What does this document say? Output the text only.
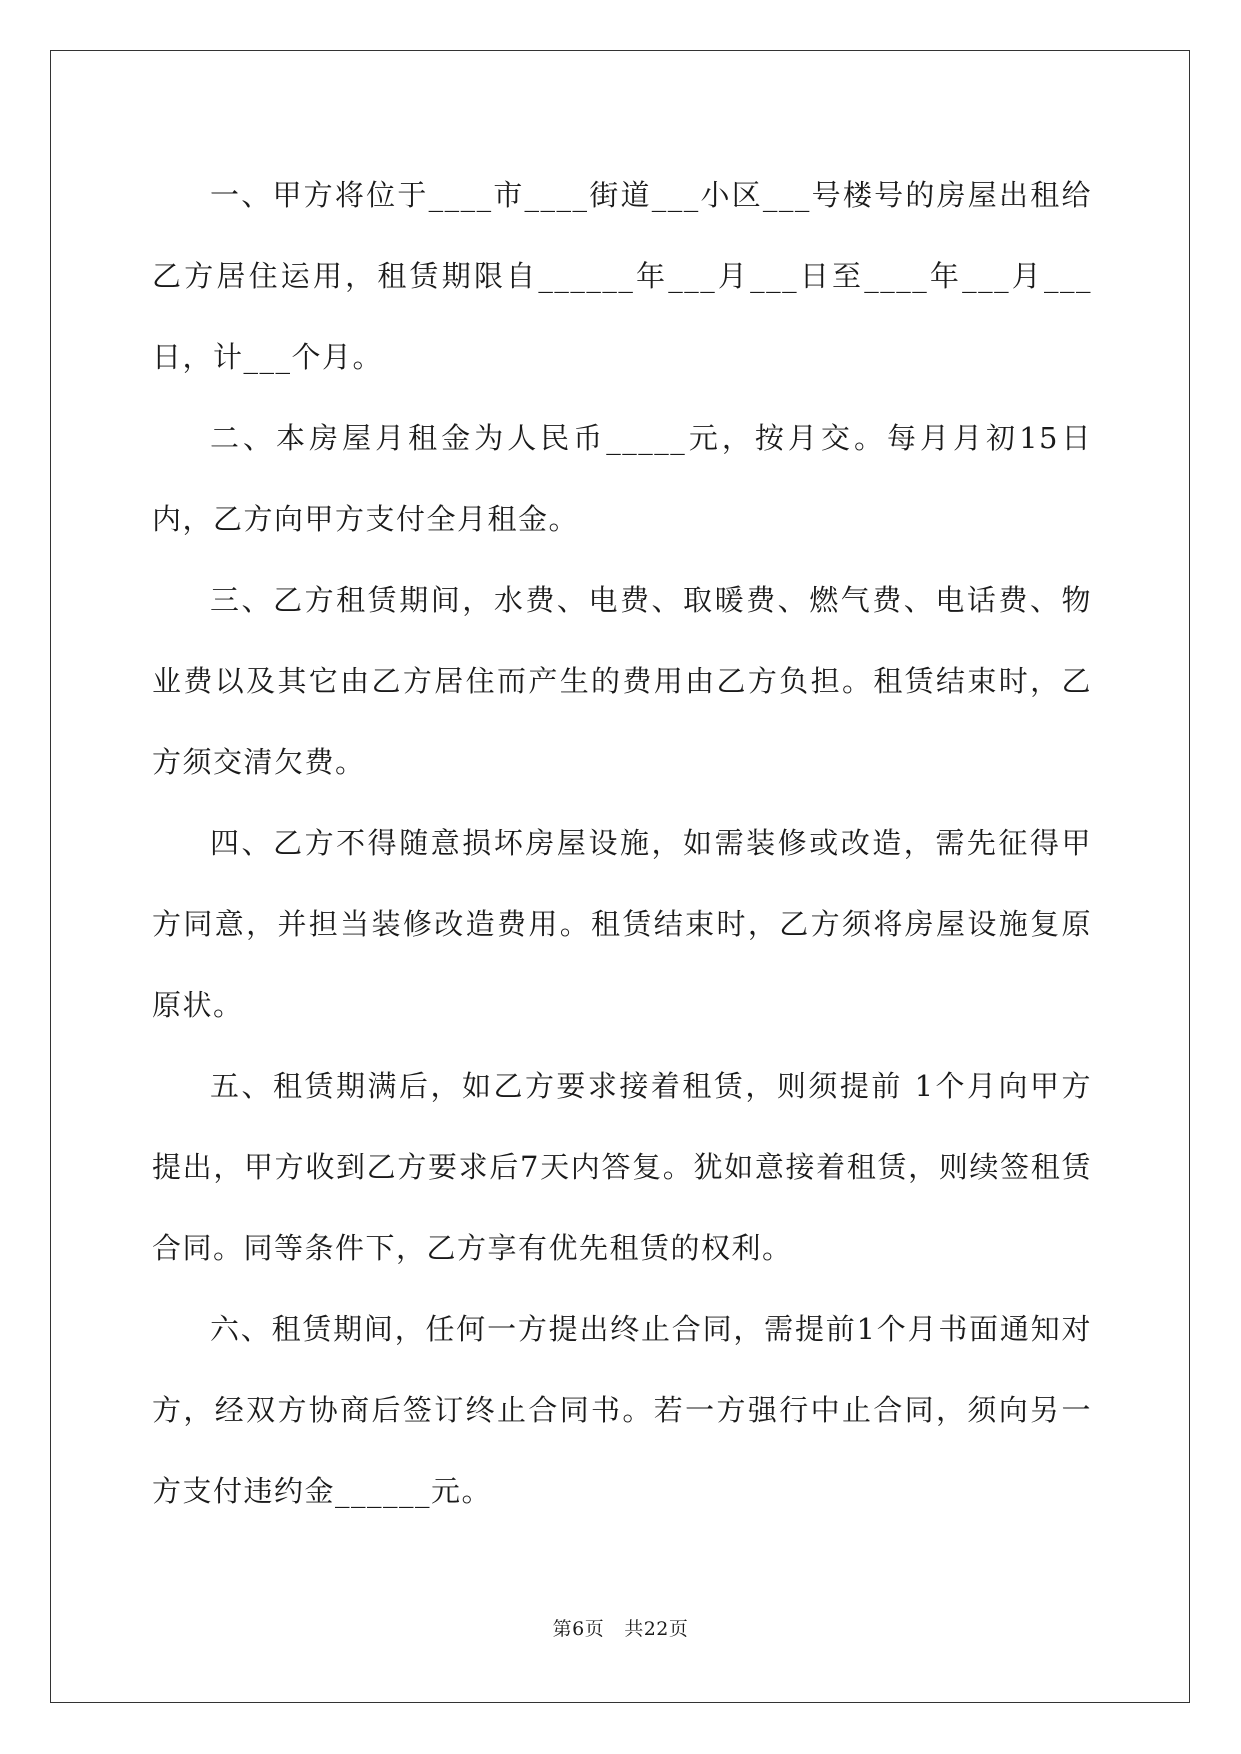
一、甲方将位于____市____街道___小区___号楼号的房屋出租给乙方居住运用，租赁期限自______年___月___日至____年___月___日，计___个月。

二、本房屋月租金为人民币_____元，按月交。每月月初15日内，乙方向甲方支付全月租金。

三、乙方租赁期间，水费、电费、取暖费、燃气费、电话费、物业费以及其它由乙方居住而产生的费用由乙方负担。租赁结束时，乙方须交清欠费。

四、乙方不得随意损坏房屋设施，如需装修或改造，需先征得甲方同意，并担当装修改造费用。租赁结束时，乙方须将房屋设施复原原状。

五、租赁期满后，如乙方要求接着租赁，则须提前 1个月向甲方提出，甲方收到乙方要求后7天内答复。犹如意接着租赁，则续签租赁合同。同等条件下，乙方享有优先租赁的权利。

六、租赁期间，任何一方提出终止合同，需提前1个月书面通知对方，经双方协商后签订终止合同书。若一方强行中止合同，须向另一方支付违约金______元。

第6页 共22页
